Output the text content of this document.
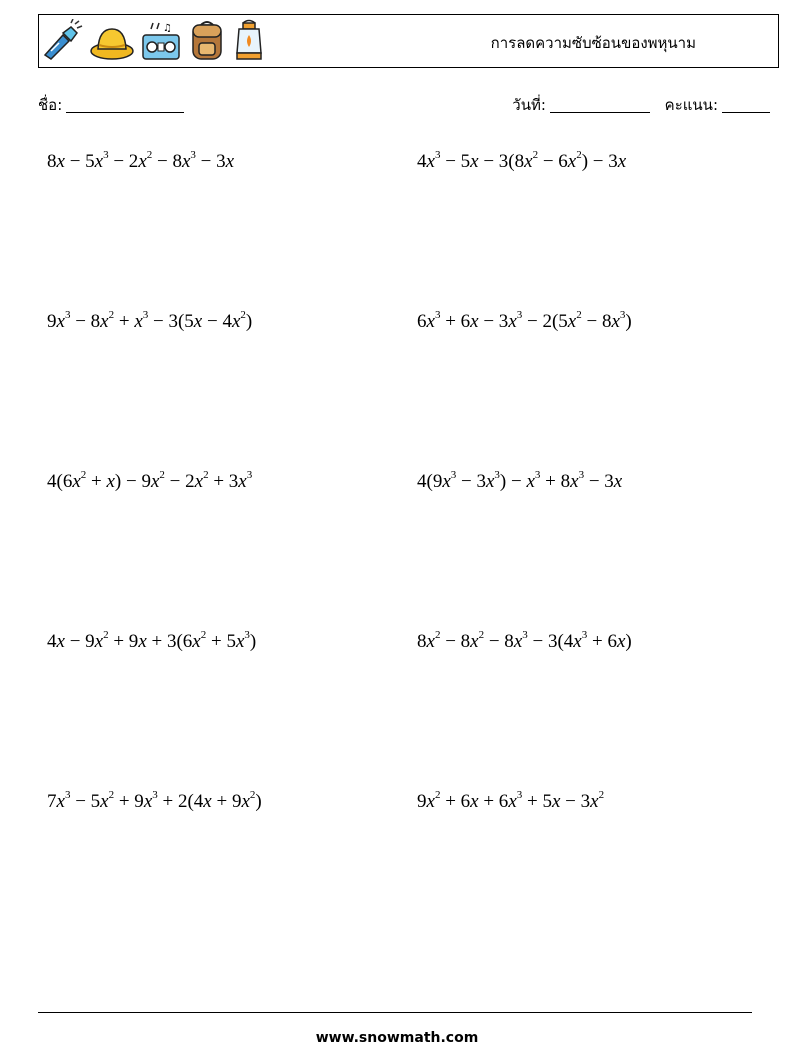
♫
การลดความซับซ้อนของพหุนาม
ชื่อ:	วันที่:	คะแนน:
$8x - 5x^3 - 2x^2 - 8x^3 - 3x$	$4x^3 - 5x - 3(8x^2 - 6x^2) - 3x$
$9x^3 - 8x^2 + x^3 - 3(5x - 4x^2)$	$6x^3 + 6x - 3x^3 - 2(5x^2 - 8x^3)$
$4(6x^2 + x) - 9x^2 - 2x^2 + 3x^3$	$4(9x^3 - 3x^3) - x^3 + 8x^3 - 3x$
$4x - 9x^2 + 9x + 3(6x^2 + 5x^3)$	$8x^2 - 8x^2 - 8x^3 - 3(4x^3 + 6x)$
$7x^3 - 5x^2 + 9x^3 + 2(4x + 9x^2)$	$9x^2 + 6x + 6x^3 + 5x - 3x^2$
www.snowmath.com
